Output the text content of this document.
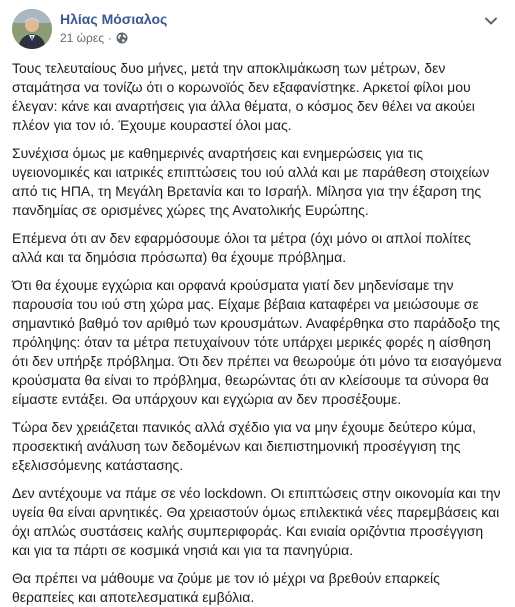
Ηλίας Μόσιαλος
21 ώρες ·

Τους τελευταίους δυο μήνες, μετά την αποκλιμάκωση των μέτρων, δεν σταμάτησα να τονίζω ότι ο κορωνοϊός δεν εξαφανίστηκε. Αρκετοί φίλοι μου έλεγαν: κάνε και αναρτήσεις για άλλα θέματα, ο κόσμος δεν θέλει να ακούει πλέον για τον ιό. Έχουμε κουραστεί όλοι μας.

Συνέχισα όμως με καθημερινές αναρτήσεις και ενημερώσεις για τις υγειονομικές και ιατρικές επιπτώσεις του ιού αλλά και με παράθεση στοιχείων από τις ΗΠΑ, τη Μεγάλη Βρετανία και το Ισραήλ. Μίλησα για την έξαρση της πανδημίας σε ορισμένες χώρες της Ανατολικής Ευρώπης.

Επέμενα ότι αν δεν εφαρμόσουμε όλοι τα μέτρα (όχι μόνο οι απλοί πολίτες αλλά και τα δημόσια πρόσωπα) θα έχουμε πρόβλημα.

Ότι θα έχουμε εγχώρια και ορφανά κρούσματα γιατί δεν μηδενίσαμε την παρουσία του ιού στη χώρα μας. Είχαμε βέβαια καταφέρει να μειώσουμε σε σημαντικό βαθμό τον αριθμό των κρουσμάτων. Αναφέρθηκα στο παράδοξο της πρόληψης: όταν τα μέτρα πετυχαίνουν τότε υπάρχει μερικές φορές η αίσθηση ότι δεν υπήρξε πρόβλημα. Ότι δεν πρέπει να θεωρούμε ότι μόνο τα εισαγόμενα κρούσματα θα είναι το πρόβλημα, θεωρώντας ότι αν κλείσουμε τα σύνορα θα είμαστε εντάξει. Θα υπάρχουν και εγχώρια αν δεν προσέξουμε.

Τώρα δεν χρειάζεται πανικός αλλά σχέδιο για να μην έχουμε δεύτερο κύμα, προσεκτική ανάλυση των δεδομένων και διεπιστημονική προσέγγιση της εξελισσόμενης κατάστασης.

Δεν αντέχουμε να πάμε σε νέο lockdown. Οι επιπτώσεις στην οικονομία και την υγεία θα είναι αρνητικές. Θα χρειαστούν όμως επιλεκτικά νέες παρεμβάσεις και όχι απλώς συστάσεις καλής συμπεριφοράς. Και ενιαία οριζόντια προσέγγιση και για τα πάρτι σε κοσμικά νησιά και για τα πανηγύρια.

Θα πρέπει να μάθουμε να ζούμε με τον ιό μέχρι να βρεθούν επαρκείς θεραπείες και αποτελεσματικά εμβόλια.
